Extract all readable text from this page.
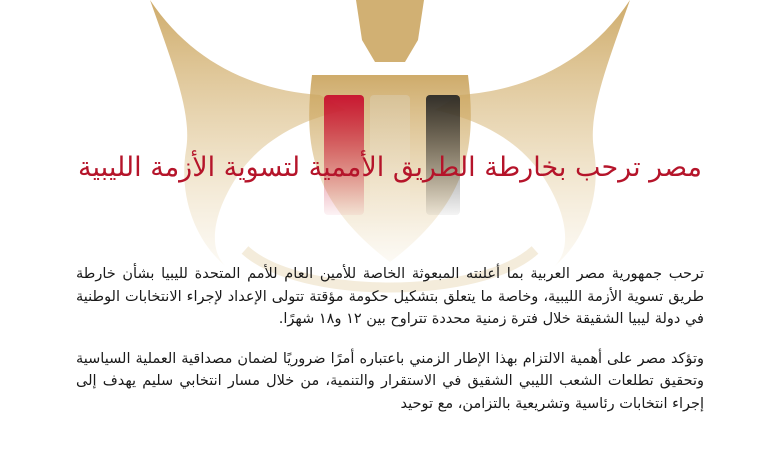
مصر ترحب بخارطة الطريق الأممية لتسوية الأزمة الليبية

ترحب جمهورية مصر العربية بما أعلنته المبعوثة الخاصة للأمين العام للأمم المتحدة لليبيا بشأن خارطة طريق تسوية الأزمة الليبية، وخاصة ما يتعلق بتشكيل حكومة مؤقتة تتولى الإعداد لإجراء الانتخابات الوطنية في دولة ليبيا الشقيقة خلال فترة زمنية محددة تتراوح بين ١٢ و١٨ شهرًا.

وتؤكد مصر على أهمية الالتزام بهذا الإطار الزمني باعتباره أمرًا ضروريًا لضمان مصداقية العملية السياسية وتحقيق تطلعات الشعب الليبي الشقيق في الاستقرار والتنمية، من خلال مسار انتخابي سليم يهدف إلى إجراء انتخابات رئاسية وتشريعية بالتزامن، مع توحيد
